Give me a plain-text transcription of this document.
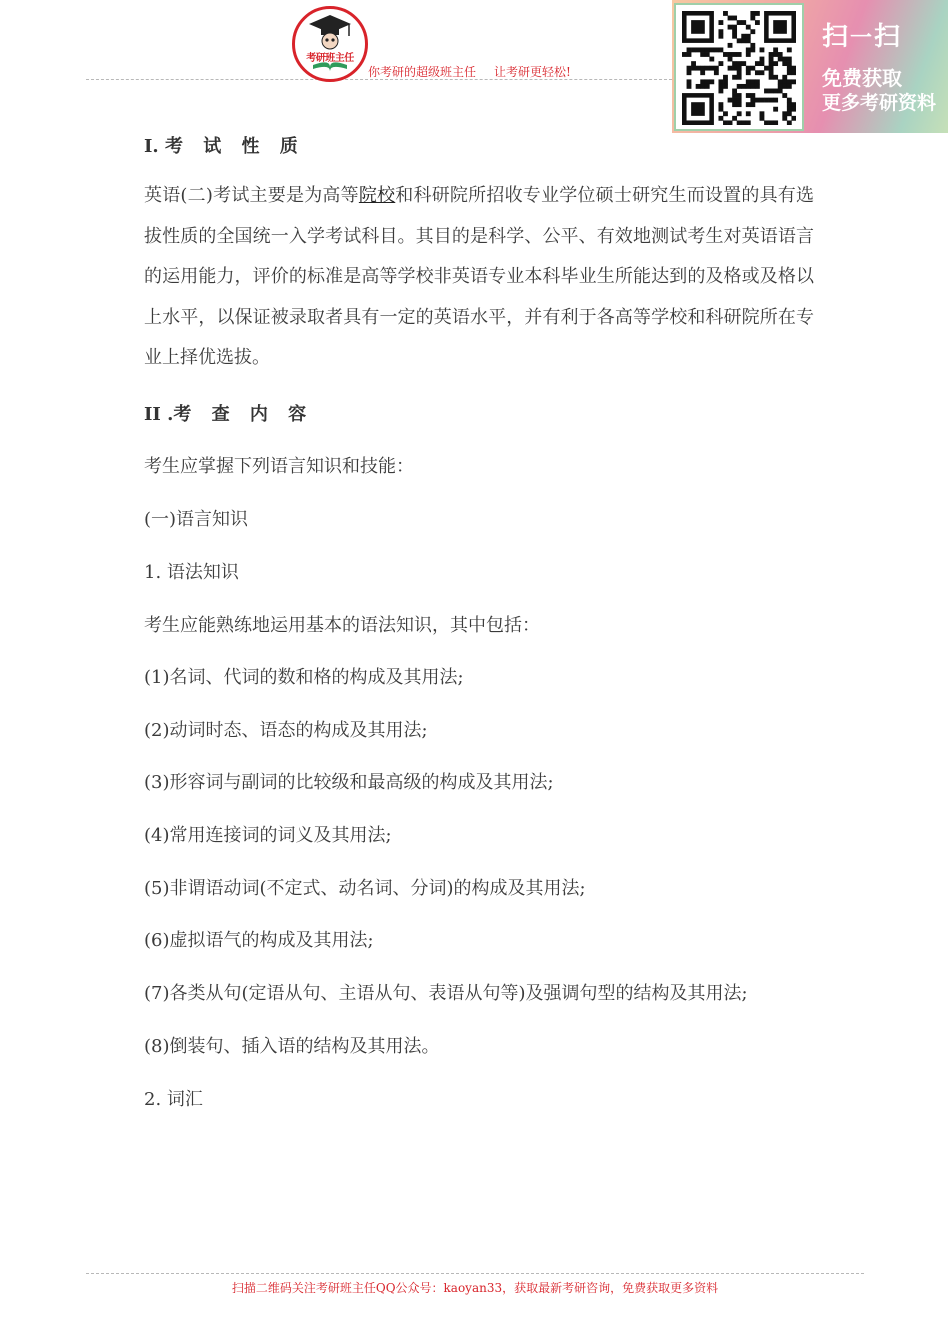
考研班主任
你考研的超级班主任 让考研更轻松!
扫一扫
免费获取
更多考研资料
I. 考 试 性 质
英语(二)考试主要是为高等院校和科研院所招收专业学位硕士研究生而设置的具有选拔性质的全国统一入学考试科目。其目的是科学、公平、有效地测试考生对英语语言的运用能力，评价的标准是高等学校非英语专业本科毕业生所能达到的及格或及格以上水平，以保证被录取者具有一定的英语水平，并有利于各高等学校和科研院所在专业上择优选拔。
II .考 查 内 容
考生应掌握下列语言知识和技能：
(一)语言知识
1. 语法知识
考生应能熟练地运用基本的语法知识，其中包括：
(1)名词、代词的数和格的构成及其用法;
(2)动词时态、语态的构成及其用法;
(3)形容词与副词的比较级和最高级的构成及其用法;
(4)常用连接词的词义及其用法;
(5)非谓语动词(不定式、动名词、分词)的构成及其用法;
(6)虚拟语气的构成及其用法;
(7)各类从句(定语从句、主语从句、表语从句等)及强调句型的结构及其用法;
(8)倒装句、插入语的结构及其用法。
2. 词汇
扫描二维码关注考研班主任QQ公众号：kaoyan33，获取最新考研咨询，免费获取更多资料
